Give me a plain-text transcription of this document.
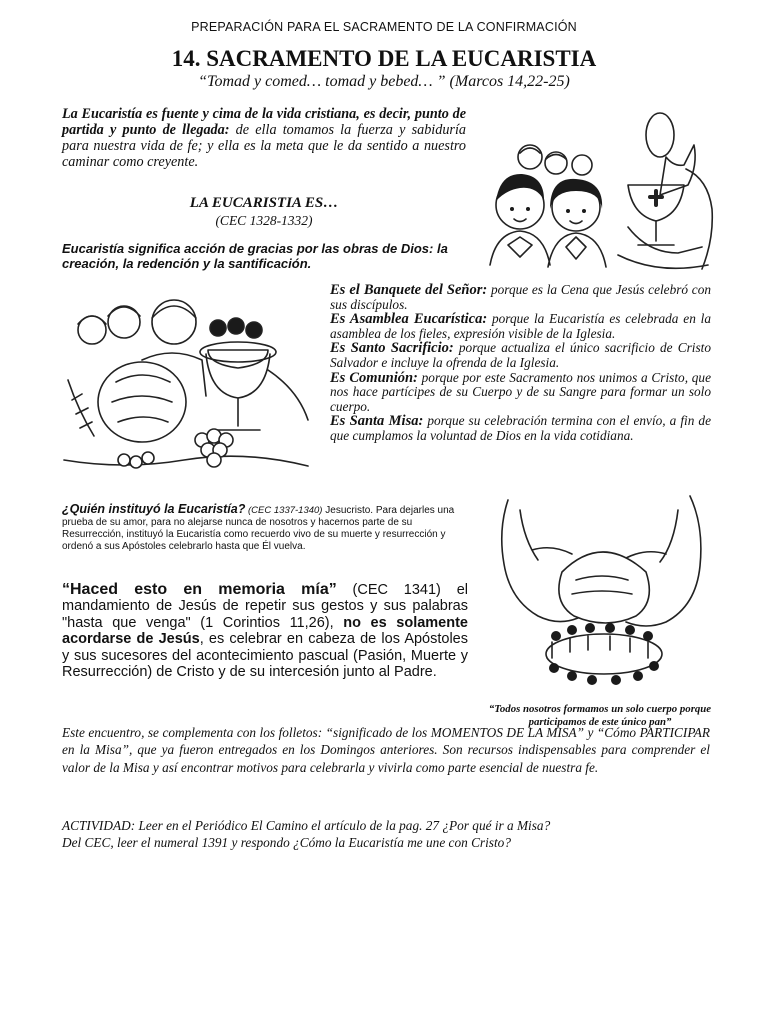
PREPARACIÓN PARA EL SACRAMENTO DE LA CONFIRMACIÓN
14. SACRAMENTO DE LA EUCARISTIA
“Tomad y comed… tomad y bebed… ” (Marcos 14,22-25)
La Eucaristía es fuente y cima de la vida cristiana, es decir, punto de partida y punto de llegada: de ella tomamos la fuerza y sabiduría para nuestra vida de fe; y ella es la meta que le da sentido a nuestro caminar como creyente.
LA EUCARISTIA ES…
(CEC 1328-1332)
Eucaristía significa acción de gracias por las obras de Dios: la creación, la redención y la santificación.
Es el Banquete del Señor: porque es la Cena que Jesús celebró con sus discípulos.
Es Asamblea Eucarística: porque la Eucaristía es celebrada en la asamblea de los fieles, expresión visible de la Iglesia.
Es Santo Sacrificio: porque actualiza el único sacrificio de Cristo Salvador e incluye la ofrenda de la Iglesia.
Es Comunión: porque por este Sacramento nos unimos a Cristo, que nos hace partícipes de su Cuerpo y de su Sangre para formar un solo cuerpo.
Es Santa Misa: porque su celebración termina con el envío, a fin de que cumplamos la voluntad de Dios en la vida cotidiana.
¿Quién instituyó la Eucaristía? (CEC 1337-1340) Jesucristo. Para dejarles una prueba de su amor, para no alejarse nunca de nosotros y hacernos parte de su Resurrección, instituyó la Eucaristía como recuerdo vivo de su muerte y resurrección y ordenó a sus Apóstoles celebrarlo hasta que Él vuelva.
“Haced esto en memoria mía” (CEC 1341) el mandamiento de Jesús de repetir sus gestos y sus palabras "hasta que venga" (1 Corintios 11,26), no es solamente acordarse de Jesús, es celebrar en cabeza de los Apóstoles y sus sucesores del acontecimiento pascual (Pasión, Muerte y Resurrección) de Cristo y de su intercesión junto al Padre.
“Todos nosotros formamos un solo cuerpo porque participamos de este único pan”
Este encuentro, se complementa con los folletos: “significado de los MOMENTOS DE LA MISA” y “Cómo PARTICIPAR en la Misa”, que ya fueron entregados en los Domingos anteriores. Son recursos indispensables para comprender el valor de la Misa y así encontrar motivos para celebrarla y vivirla como parte esencial de nuestra fe.
ACTIVIDAD: Leer en el Periódico El Camino el artículo de la pag. 27 ¿Por qué ir a Misa?
Del CEC, leer el numeral 1391 y respondo ¿Cómo la Eucaristía me une con Cristo?
